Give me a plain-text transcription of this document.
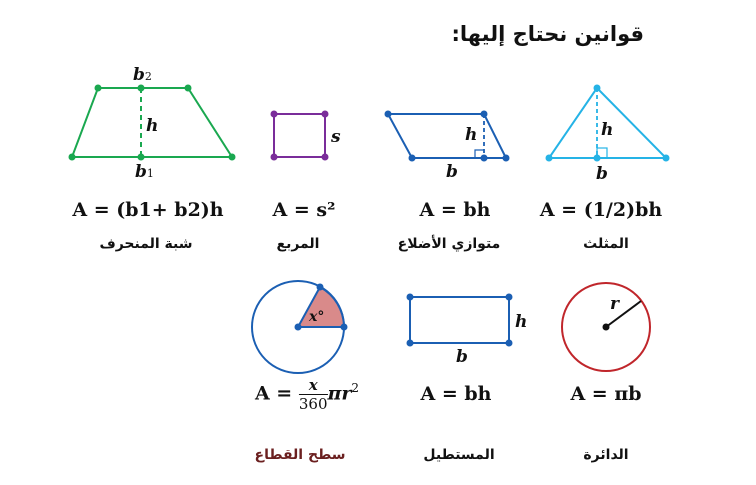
قوانين نحتاج إليها:
b2
h
b1
s	h
b
h
b
x°	h
b
r
A = (b1+ b2)h	A = s²	A = bh	A = (1/2)bh
شبة المنحرف	المربع	متوازي الأضلاع	المثلث
$A = \frac{x}{360} \pi r^2$	A = bh	A = πb
سطح القطاع	المستطيل	الدائرة
